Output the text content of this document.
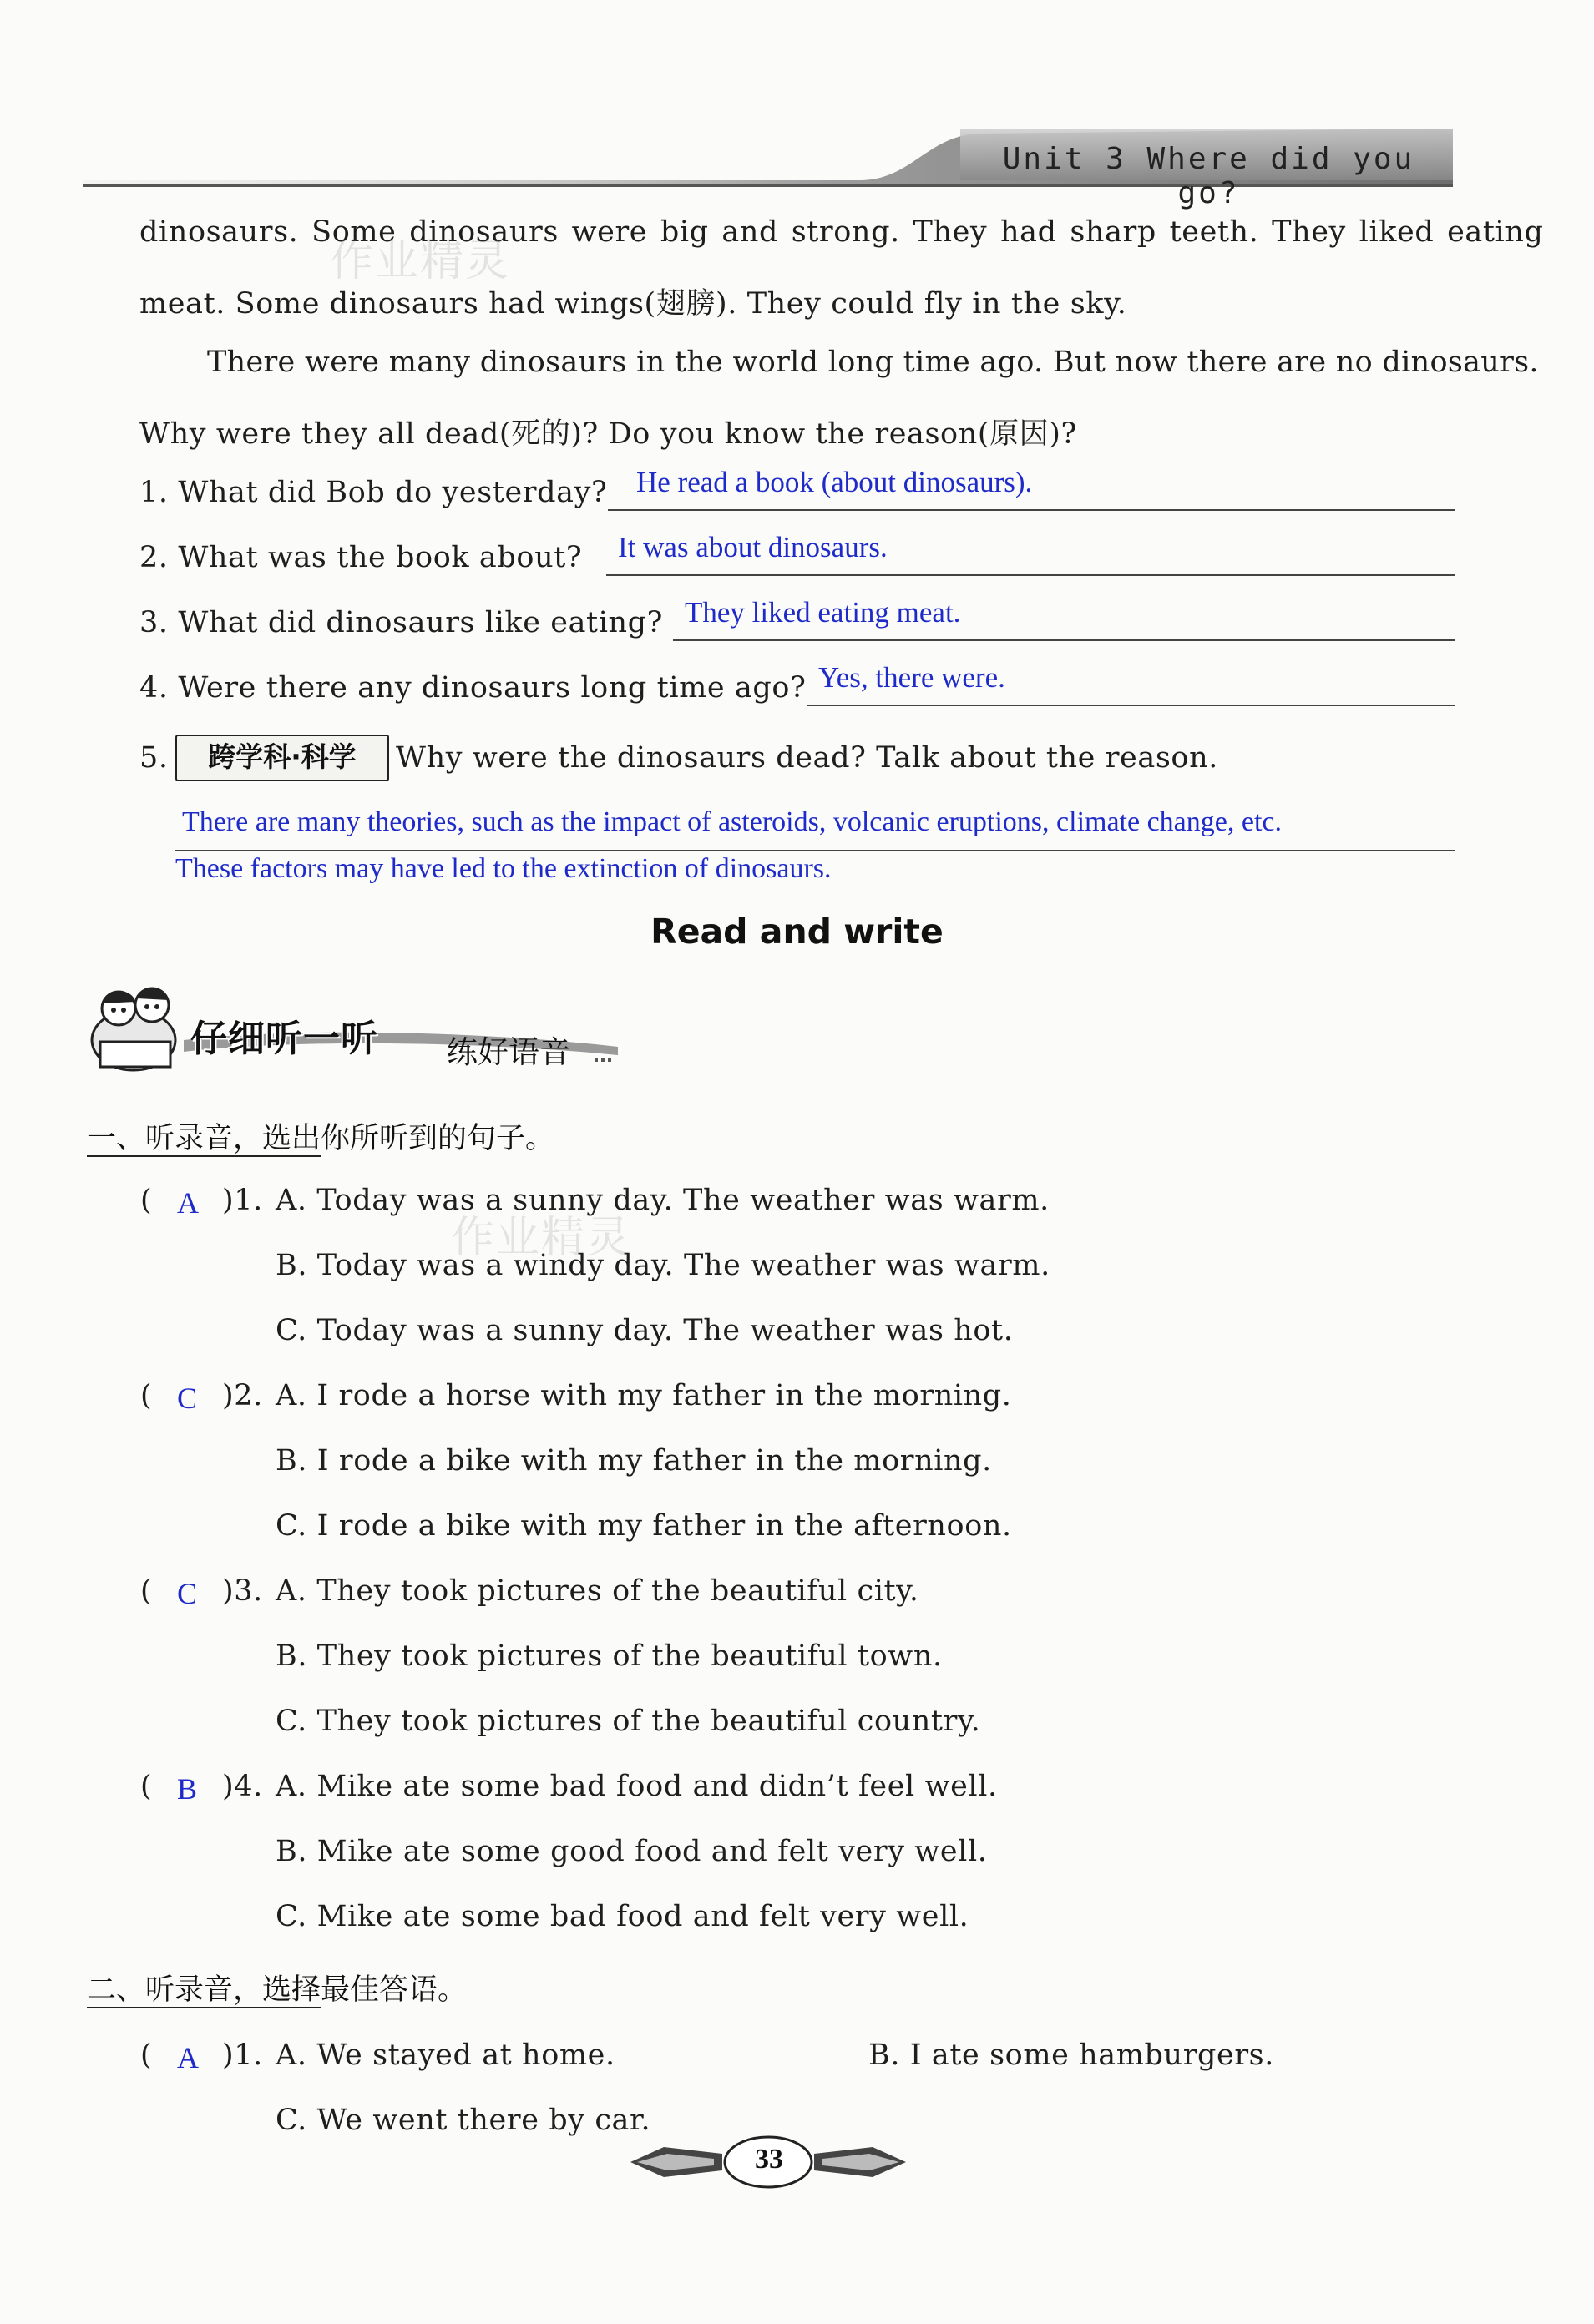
Unit 3 Where did you go?
dinosaurs. Some dinosaurs were big and strong. They had sharp teeth. They liked eating
meat. Some dinosaurs had wings(翅膀). They could fly in the sky.
There were many dinosaurs in the world long time ago. But now there are no dinosaurs.
Why were they all dead(死的)? Do you know the reason(原因)?
作业精灵
1. What did Bob do yesterday? He read a book (about dinosaurs).
2. What was the book about? It was about dinosaurs.
3. What did dinosaurs like eating? They liked eating meat.
4. Were there any dinosaurs long time ago? Yes, there were.
5.	跨学科·科学	Why were the dinosaurs dead? Talk about the reason.
There are many theories, such as the impact of asteroids, volcanic eruptions, climate change, etc.
These factors may have led to the extinction of dinosaurs.
Read and write
仔细听一听 练好语音
一、听录音，选出你所听到的句子。
作业精灵
( A )1. A. Today was a sunny day. The weather was warm.
B. Today was a windy day. The weather was warm.
C. Today was a sunny day. The weather was hot.
( C )2. A. I rode a horse with my father in the morning.
B. I rode a bike with my father in the morning.
C. I rode a bike with my father in the afternoon.
( C )3. A. They took pictures of the beautiful city.
B. They took pictures of the beautiful town.
C. They took pictures of the beautiful country.
( B )4. A. Mike ate some bad food and didn’t feel well.
B. Mike ate some good food and felt very well.
C. Mike ate some bad food and felt very well.
二、听录音，选择最佳答语。
( A )1. A. We stayed at home.	B. I ate some hamburgers.
C. We went there by car.
33
